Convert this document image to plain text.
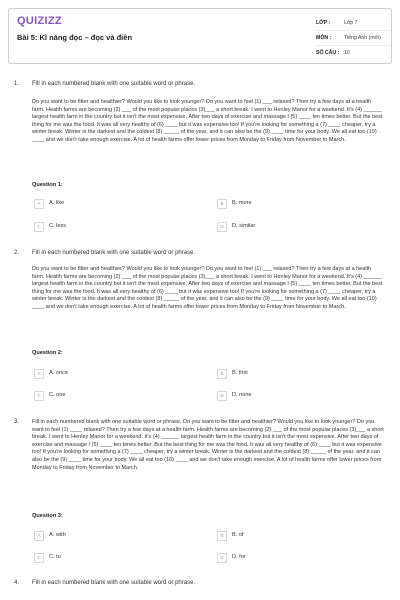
QUIZIZZ
Bài 5: Kĩ năng đọc – đọc và điền
LỚP :	Lớp 7
MÔN :	Tiếng Anh (mới)
SỐ CÂU : 10
1. Fill in each numbered blank with one suitable word or phrase.
Do you want to be fitter and healthier? Would you like to look younger? Do you want to feel (1) ___ relaxed? Then try a few days at a health farm. Health farms are becoming (2) ___ of the most popular places (3)___ a short break. I went to Henley Manor for a weekend. It's (4) ______ largest health farm in the country but it isn't the most expensive. After two days of exercise and massage I (5) ____ ten times better. But the best thing for me was the food. It was all very healthy of (6) ____ but it was expensive too! If you're looking for something a (7) ____ cheaper, try a winter break. Winter is the darkest and the coldest (8) _____ of the year, and it can also be the (9) ____ time for your body. We all eat too (10) ____ and we don't take enough exercise. A lot of health farms offer lower prices from Monday to Friday from November to March.
Question 1:
A	A. like	B	B. more
C	C. less	D	D. similar
2. Fill in each numbered blank with one suitable word or phrase.
Do you want to be fitter and healthier? Would you like to look younger? Do you want to feel (1) ___ relaxed? Then try a few days at a health farm. Health farms are becoming (2) ___ of the most popular places (3)___ a short break. I went to Henley Manor for a weekend. It's (4) ______ largest health farm in the country but it isn't the most expensive. After two days of exercise and massage I (5) ____ ten times better. But the best thing for me was the food. It was all very healthy of (6) ____ but it was expensive too! If you're looking for something a (7) ____ cheaper, try a winter break. Winter is the darkest and the coldest (8) _____ of the year, and it can also be the (9) ____ time for your body. We all eat too (10) ____ and we don't take enough exercise. A lot of health farms offer lower prices from Monday to Friday from November to March.
Question 2:
A	A. once	B	B. first
C	C. one	D	D. none
3. Fill in each numbered blank with one suitable word or phrase. Do you want to be fitter and healthier? Would you like to look younger? Do you want to feel (1) ____ relaxed? Then try a few days at a health farm. Health farms are becoming (2) ___ of the most popular places (3)___ a short break. I went to Henley Manor for a weekend. It's (4) ______ largest health farm in the country but it isn't the most expensive. After two days of exercise and massage I (5) ____ ten times better. But the best thing for me was the food. It was all very healthy of (6) ____ but it was expensive too! If you're looking for something a (7) ____ cheaper, try a winter break. Winter is the darkest and the coldest (8) _____ of the year, and it can also be the (9) ____ time for your body. We all eat too (10) ____ and we don't take enough exercise. A lot of health farms offer lower prices from Monday to Friday from November to March.
Question 3:
A	A. with	B	B. of
C	C. to	D	D. for
4. Fill in each numbered blank with one suitable word or phrase.
